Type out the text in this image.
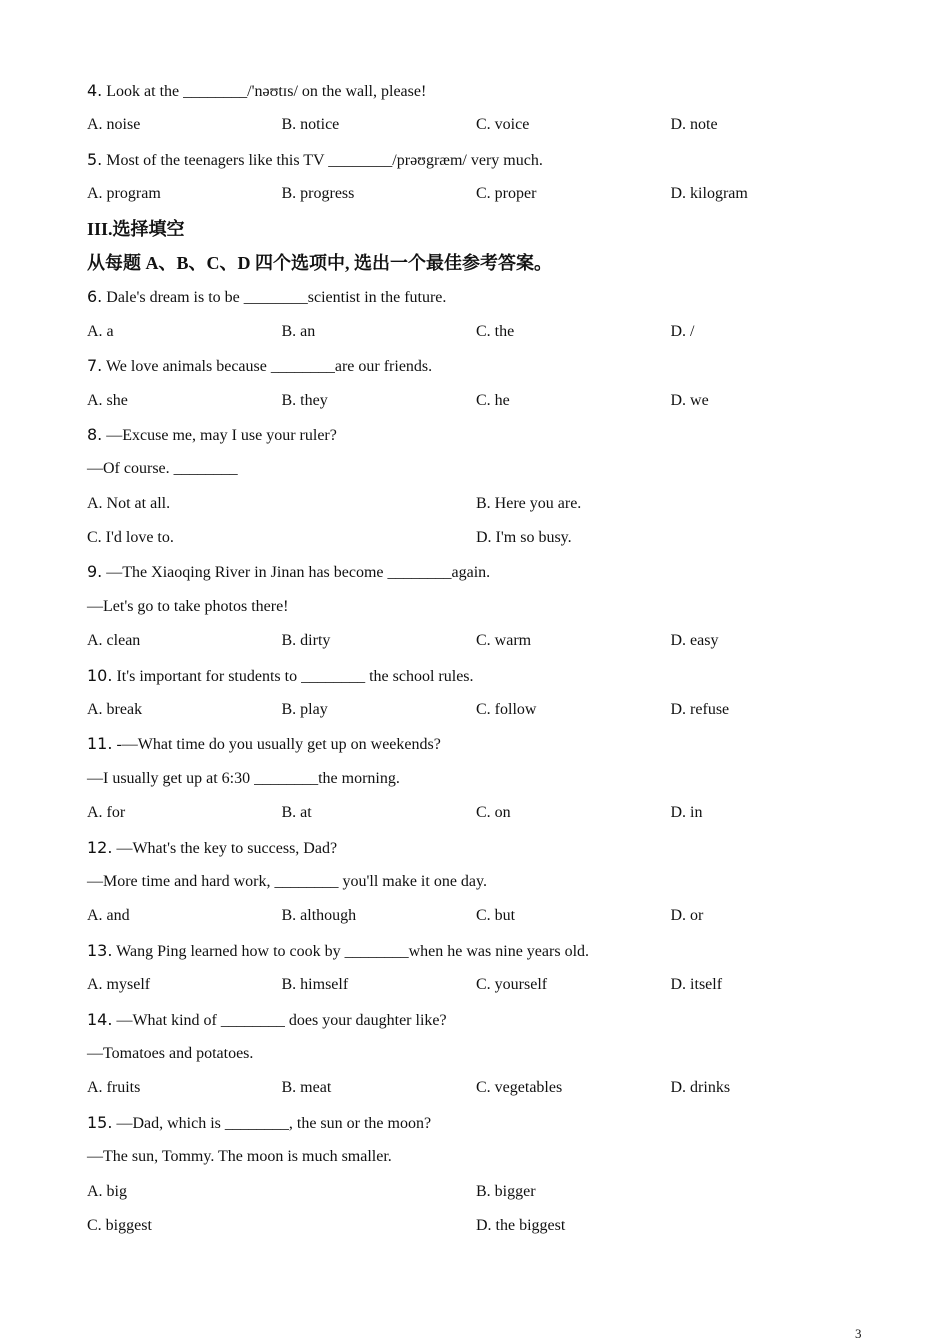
4. Look at the ________/'nəʊtɪs/ on the wall, please!
A. noise	B. notice	C. voice	D. note
5. Most of the teenagers like this TV ________/prəʊgræm/ very much.
A. program	B. progress	C. proper	D. kilogram
III.选择填空
从每题 A、B、C、D 四个选项中, 选出一个最佳参考答案。
6. Dale's dream is to be ________scientist in the future.
A. a	B. an	C. the	D. /
7. We love animals because ________are our friends.
A. she	B. they	C. he	D. we
8. —Excuse me, may I use your ruler?
—Of course. ________
A. Not at all.	B. Here you are.
C. I'd love to.	D. I'm so busy.
9. —The Xiaoqing River in Jinan has become ________again.
—Let's go to take photos there!
A. clean	B. dirty	C. warm	D. easy
10. It's important for students to ________ the school rules.
A. break	B. play	C. follow	D. refuse
11. -—What time do you usually get up on weekends?
—I usually get up at 6:30 ________the morning.
A. for	B. at	C. on	D. in
12. —What's the key to success, Dad?
—More time and hard work, ________ you'll make it one day.
A. and	B. although	C. but	D. or
13. Wang Ping learned how to cook by ________when he was nine years old.
A. myself	B. himself	C. yourself	D. itself
14. —What kind of ________ does your daughter like?
—Tomatoes and potatoes.
A. fruits	B. meat	C. vegetables	D. drinks
15. —Dad, which is ________, the sun or the moon?
—The sun, Tommy. The moon is much smaller.
A. big	B. bigger
C. biggest	D. the biggest
3
